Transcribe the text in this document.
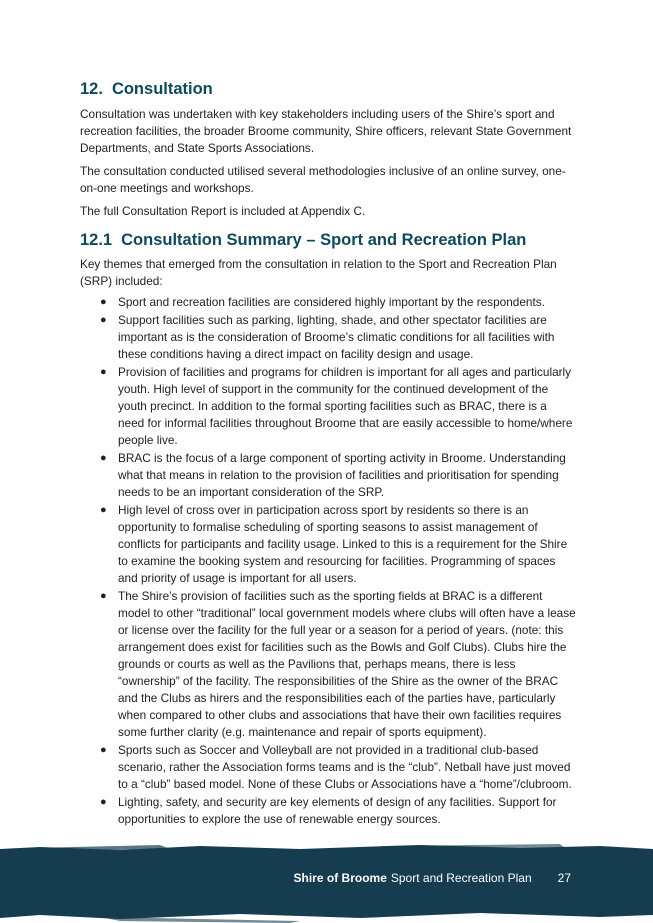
12. Consultation

Consultation was undertaken with key stakeholders including users of the Shire’s sport and recreation facilities, the broader Broome community, Shire officers, relevant State Government Departments, and State Sports Associations.

The consultation conducted utilised several methodologies inclusive of an online survey, one-on-one meetings and workshops.

The full Consultation Report is included at Appendix C.

12.1 Consultation Summary – Sport and Recreation Plan

Key themes that emerged from the consultation in relation to the Sport and Recreation Plan (SRP) included:

● Sport and recreation facilities are considered highly important by the respondents.
● Support facilities such as parking, lighting, shade, and other spectator facilities are important as is the consideration of Broome’s climatic conditions for all facilities with these conditions having a direct impact on facility design and usage.
● Provision of facilities and programs for children is important for all ages and particularly youth. High level of support in the community for the continued development of the youth precinct. In addition to the formal sporting facilities such as BRAC, there is a need for informal facilities throughout Broome that are easily accessible to home/where people live.
● BRAC is the focus of a large component of sporting activity in Broome. Understanding what that means in relation to the provision of facilities and prioritisation for spending needs to be an important consideration of the SRP.
● High level of cross over in participation across sport by residents so there is an opportunity to formalise scheduling of sporting seasons to assist management of conflicts for participants and facility usage. Linked to this is a requirement for the Shire to examine the booking system and resourcing for facilities. Programming of spaces and priority of usage is important for all users.
● The Shire’s provision of facilities such as the sporting fields at BRAC is a different model to other “traditional” local government models where clubs will often have a lease or license over the facility for the full year or a season for a period of years. (note: this arrangement does exist for facilities such as the Bowls and Golf Clubs). Clubs hire the grounds or courts as well as the Pavilions that, perhaps means, there is less “ownership” of the facility. The responsibilities of the Shire as the owner of the BRAC and the Clubs as hirers and the responsibilities each of the parties have, particularly when compared to other clubs and associations that have their own facilities requires some further clarity (e.g. maintenance and repair of sports equipment).
● Sports such as Soccer and Volleyball are not provided in a traditional club-based scenario, rather the Association forms teams and is the “club”. Netball have just moved to a “club” based model. None of these Clubs or Associations have a “home”/clubroom.
● Lighting, safety, and security are key elements of design of any facilities. Support for opportunities to explore the use of renewable energy sources.
Shire of Broome Sport and Recreation Plan 27
